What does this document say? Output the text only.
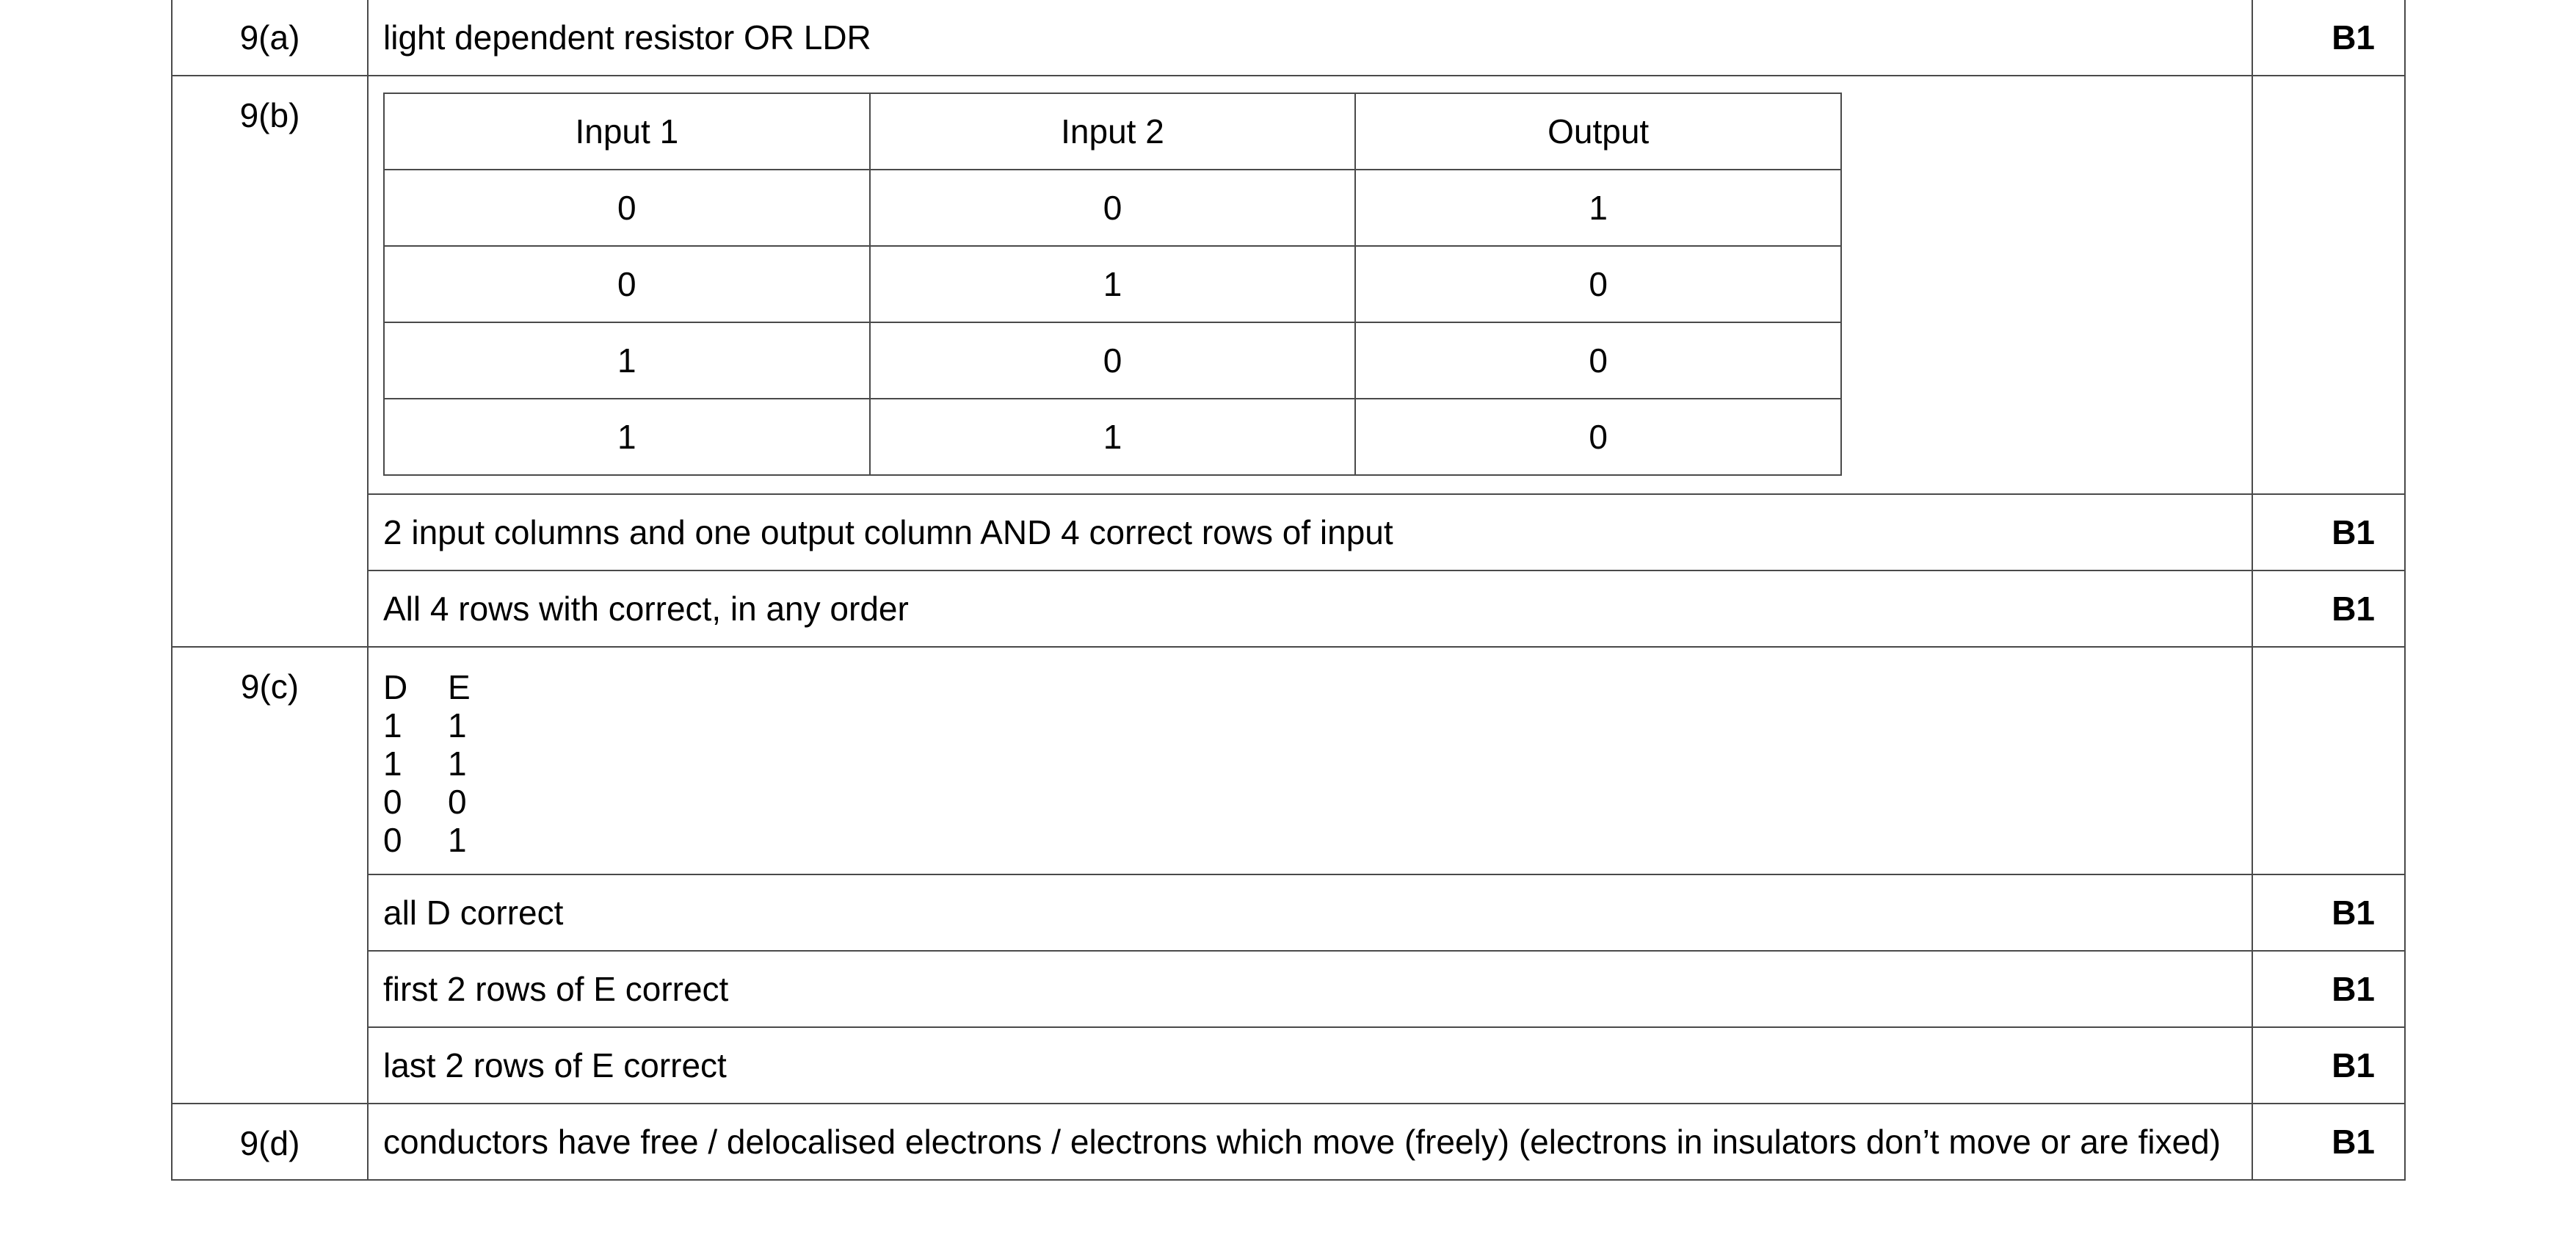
9(a)	light dependent resistor OR LDR	B1
9(b)		Input 1	Input 2	Output
0	0	1
0	1	0
1	0	0
1	1	0

2 input columns and one output column AND 4 correct rows of input	B1
All 4 rows with correct, in any order	B1
9(c)	D	E
1	1
1	1
0	0
0	1

all D correct	B1
first 2 rows of E correct	B1
last 2 rows of E correct	B1
9(d)	conductors have free / delocalised electrons / electrons which move (freely) (electrons in insulators don’t move or are fixed)	B1
